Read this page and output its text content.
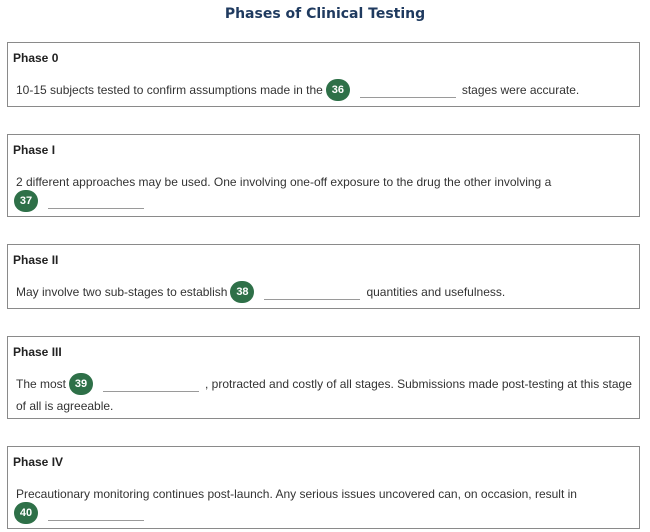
Phases of Clinical Testing
Phase 0
10-15 subjects tested to confirm assumptions made in the 36	stages were accurate.
Phase I
2 different approaches may be used. One involving one-off exposure to the drug the other involving a
37
Phase II
May involve two sub-stages to establish 38	quantities and usefulness.
Phase III
The most 39	, protracted and costly of all stages. Submissions made post-testing at this stage
of all is agreeable.
Phase IV
Precautionary monitoring continues post-launch. Any serious issues uncovered can, on occasion, result in
40
